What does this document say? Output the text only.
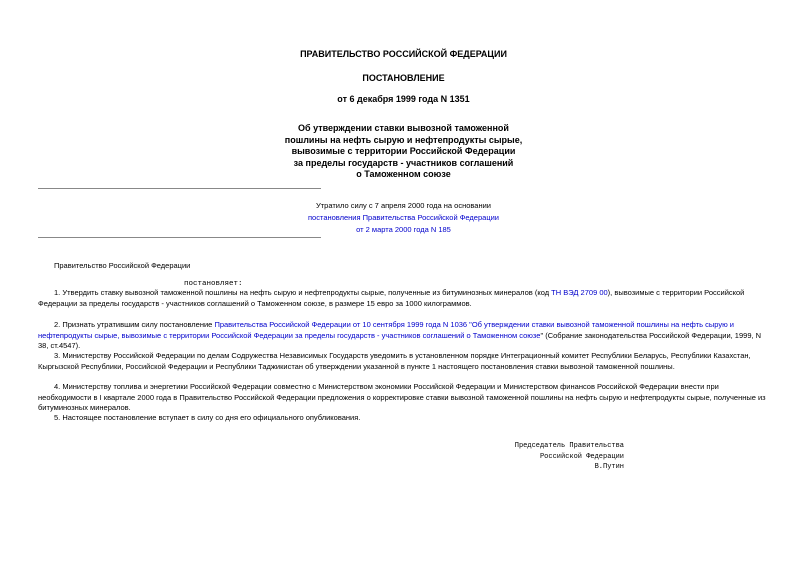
ПРАВИТЕЛЬСТВО РОССИЙСКОЙ ФЕДЕРАЦИИ
ПОСТАНОВЛЕНИЕ
от 6 декабря 1999 года N 1351
Об утверждении ставки вывозной таможенной
пошлины на нефть сырую и нефтепродукты сырые,
вывозимые с территории Российской Федерации
за пределы государств - участников соглашений
о Таможенном союзе
Утратило силу с 7 апреля 2000 года на основании
постановления Правительства Российской Федерации
от 2 марта 2000 года N 185
Правительство Российской Федерации
постановляет:
1. Утвердить ставку вывозной таможенной пошлины на нефть сырую и нефтепродукты сырые, полученные из битуминозных минералов (код ТН ВЭД 2709 00), вывозимые с территории Российской Федерации за пределы государств - участников соглашений о Таможенном союзе, в размере 15 евро за 1000 килограммов.
2. Признать утратившим силу постановление Правительства Российской Федерации от 10 сентября 1999 года N 1036 "Об утверждении ставки вывозной таможенной пошлины на нефть сырую и нефтепродукты сырые, вывозимые с территории Российской Федерации за пределы государств - участников соглашений о Таможенном союзе" (Собрание законодательства Российской Федерации, 1999, N 38, ст.4547).
3. Министерству Российской Федерации по делам Содружества Независимых Государств уведомить в установленном порядке Интеграционный комитет Республики Беларусь, Республики Казахстан, Кыргызской Республики, Российской Федерации и Республики Таджикистан об утверждении указанной в пункте 1 настоящего постановления ставки вывозной таможенной пошлины.
4. Министерству топлива и энергетики Российской Федерации совместно с Министерством экономики Российской Федерации и Министерством финансов Российской Федерации внести при необходимости в I квартале 2000 года в Правительство Российской Федерации предложения о корректировке ставки вывозной таможенной пошлины на нефть сырую и нефтепродукты сырые, полученные из битуминозных минералов.
5. Настоящее постановление вступает в силу со дня его официального опубликования.
Председатель Правительства
Российской Федерации
В.Путин
